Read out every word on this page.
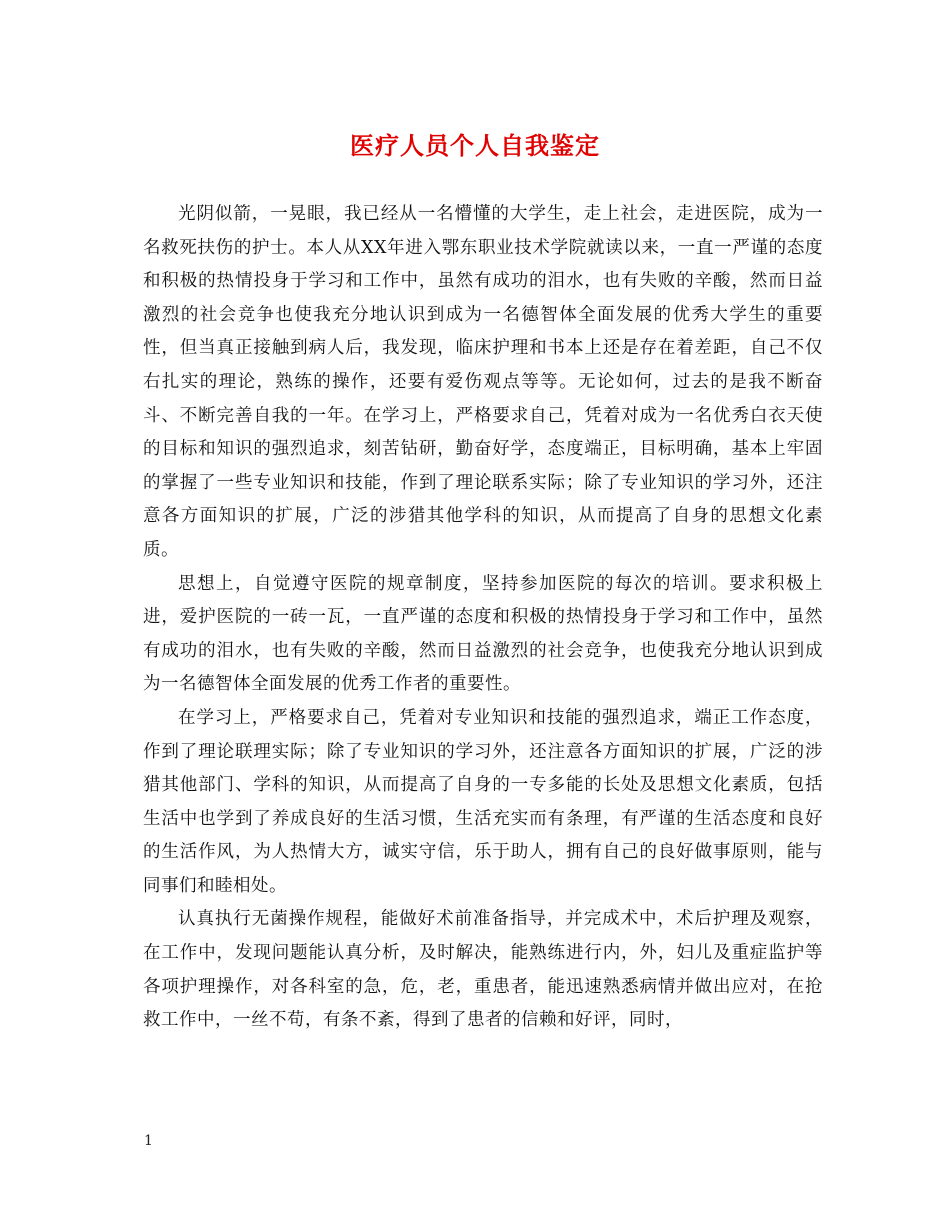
医疗人员个人自我鉴定

光阴似箭，一晃眼，我已经从一名懵懂的大学生，走上社会，走进医院，成为一名救死扶伤的护士。本人从XX年进入鄂东职业技术学院就读以来，一直一严谨的态度和积极的热情投身于学习和工作中，虽然有成功的泪水，也有失败的辛酸，然而日益激烈的社会竞争也使我充分地认识到成为一名德智体全面发展的优秀大学生的重要性，但当真正接触到病人后，我发现，临床护理和书本上还是存在着差距，自己不仅右扎实的理论，熟练的操作，还要有爱伤观点等等。无论如何，过去的是我不断奋斗、不断完善自我的一年。在学习上，严格要求自己，凭着对成为一名优秀白衣天使的目标和知识的强烈追求，刻苦钻研，勤奋好学，态度端正，目标明确，基本上牢固的掌握了一些专业知识和技能，作到了理论联系实际；除了专业知识的学习外，还注意各方面知识的扩展，广泛的涉猎其他学科的知识，从而提高了自身的思想文化素质。

思想上，自觉遵守医院的规章制度，坚持参加医院的每次的培训。要求积极上进，爱护医院的一砖一瓦，一直严谨的态度和积极的热情投身于学习和工作中，虽然有成功的泪水，也有失败的辛酸，然而日益激烈的社会竞争，也使我充分地认识到成为一名德智体全面发展的优秀工作者的重要性。

在学习上，严格要求自己，凭着对专业知识和技能的强烈追求，端正工作态度，作到了理论联理实际；除了专业知识的学习外，还注意各方面知识的扩展，广泛的涉猎其他部门、学科的知识，从而提高了自身的一专多能的长处及思想文化素质，包括生活中也学到了养成良好的生活习惯，生活充实而有条理，有严谨的生活态度和良好的生活作风，为人热情大方，诚实守信，乐于助人，拥有自己的良好做事原则，能与同事们和睦相处。

认真执行无菌操作规程，能做好术前准备指导，并完成术中，术后护理及观察，在工作中，发现问题能认真分析，及时解决，能熟练进行内，外，妇儿及重症监护等各项护理操作，对各科室的急，危，老，重患者，能迅速熟悉病情并做出应对，在抢救工作中，一丝不苟，有条不紊，得到了患者的信赖和好评，同时，

1
